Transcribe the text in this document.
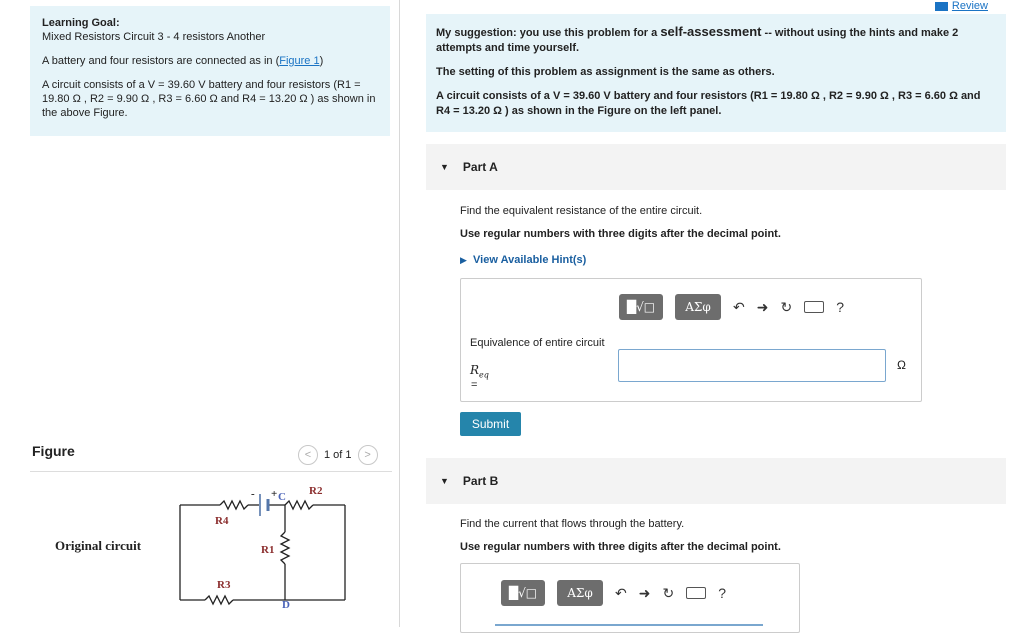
Learning Goal:
Mixed Resistors Circuit 3 - 4 resistors Another

A battery and four resistors are connected as in (Figure 1)

A circuit consists of a V = 39.60 V battery and four resistors (R1 = 19.80 Ω , R2 = 9.90 Ω , R3 = 6.60 Ω and R4 = 13.20 Ω ) as shown in the above Figure.

Figure	<	1 of 1	>
Original circuit
- + C
D
R4
R2
R1
R3
Review

My suggestion: you use this problem for a self-assessment -- without using the hints and make 2 attempts and time yourself.

The setting of this problem as assignment is the same as others.

A circuit consists of a V = 39.60 V battery and four resistors (R1 = 19.80 Ω , R2 = 9.90 Ω , R3 = 6.60 Ω and R4 = 13.20 Ω ) as shown in the Figure on the left panel.

▼ Part A
Find the equivalent resistance of the entire circuit.
Use regular numbers with three digits after the decimal point.
▶ View Available Hint(s)
█√□	ΑΣφ	↶ ➜ ↻	?
Equivalence of entire circuit
$R_{eq}$
=
Ω
Submit
▼ Part B
Find the current that flows through the battery.
Use regular numbers with three digits after the decimal point.
█√□	ΑΣφ	↶ ➜ ↻	?
